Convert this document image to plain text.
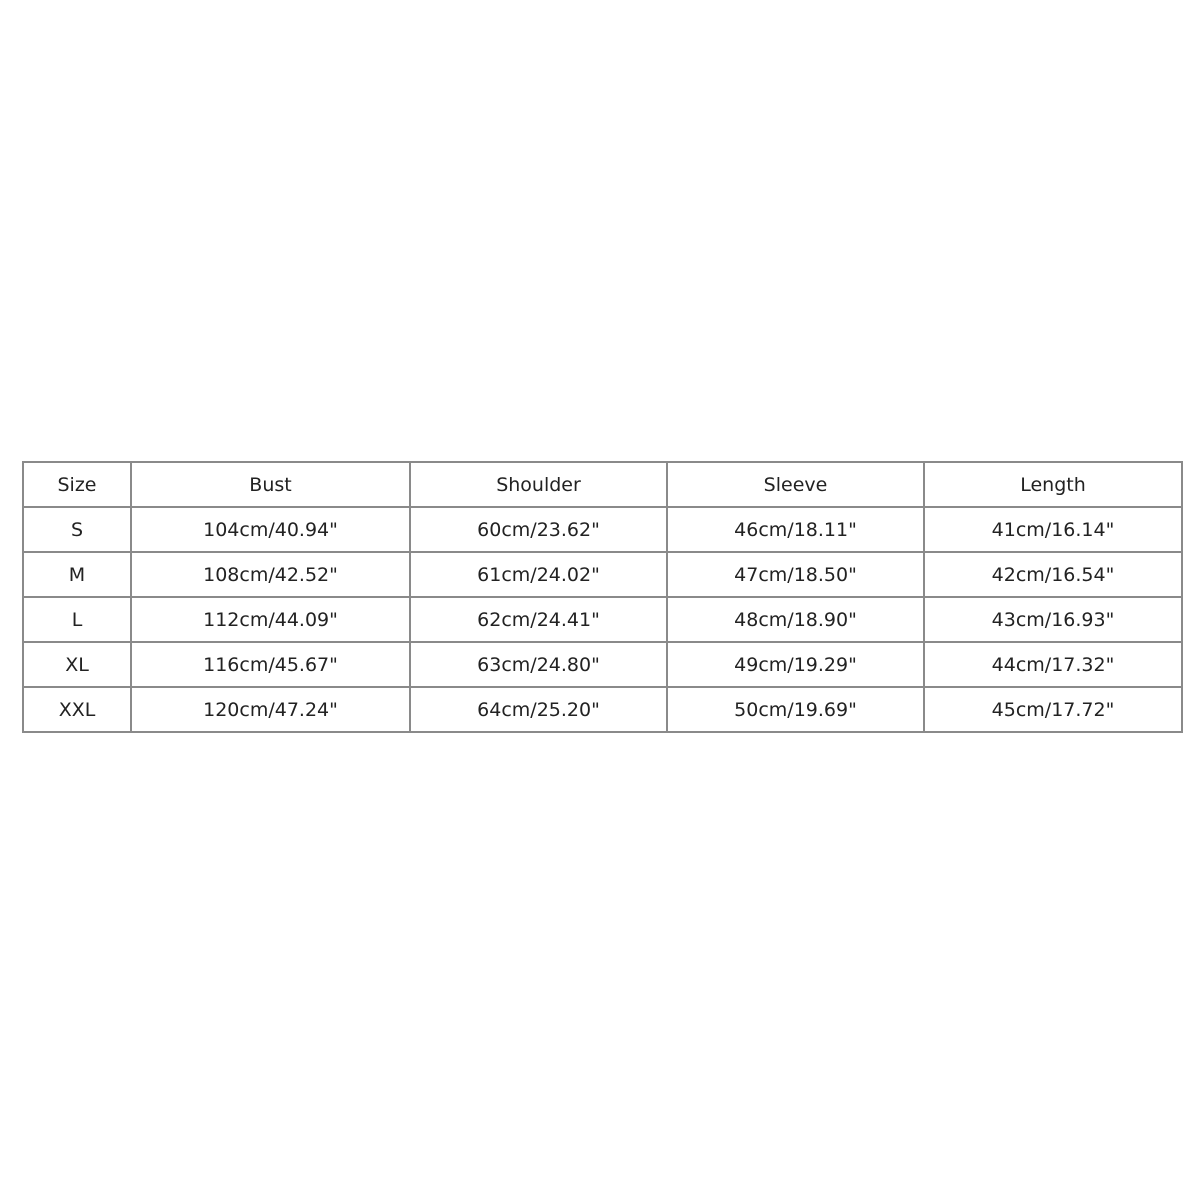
Size	Bust	Shoulder	Sleeve	Length
S	104cm/40.94"	60cm/23.62"	46cm/18.11"	41cm/16.14"
M	108cm/42.52"	61cm/24.02"	47cm/18.50"	42cm/16.54"
L	112cm/44.09"	62cm/24.41"	48cm/18.90"	43cm/16.93"
XL	116cm/45.67"	63cm/24.80"	49cm/19.29"	44cm/17.32"
XXL	120cm/47.24"	64cm/25.20"	50cm/19.69"	45cm/17.72"
